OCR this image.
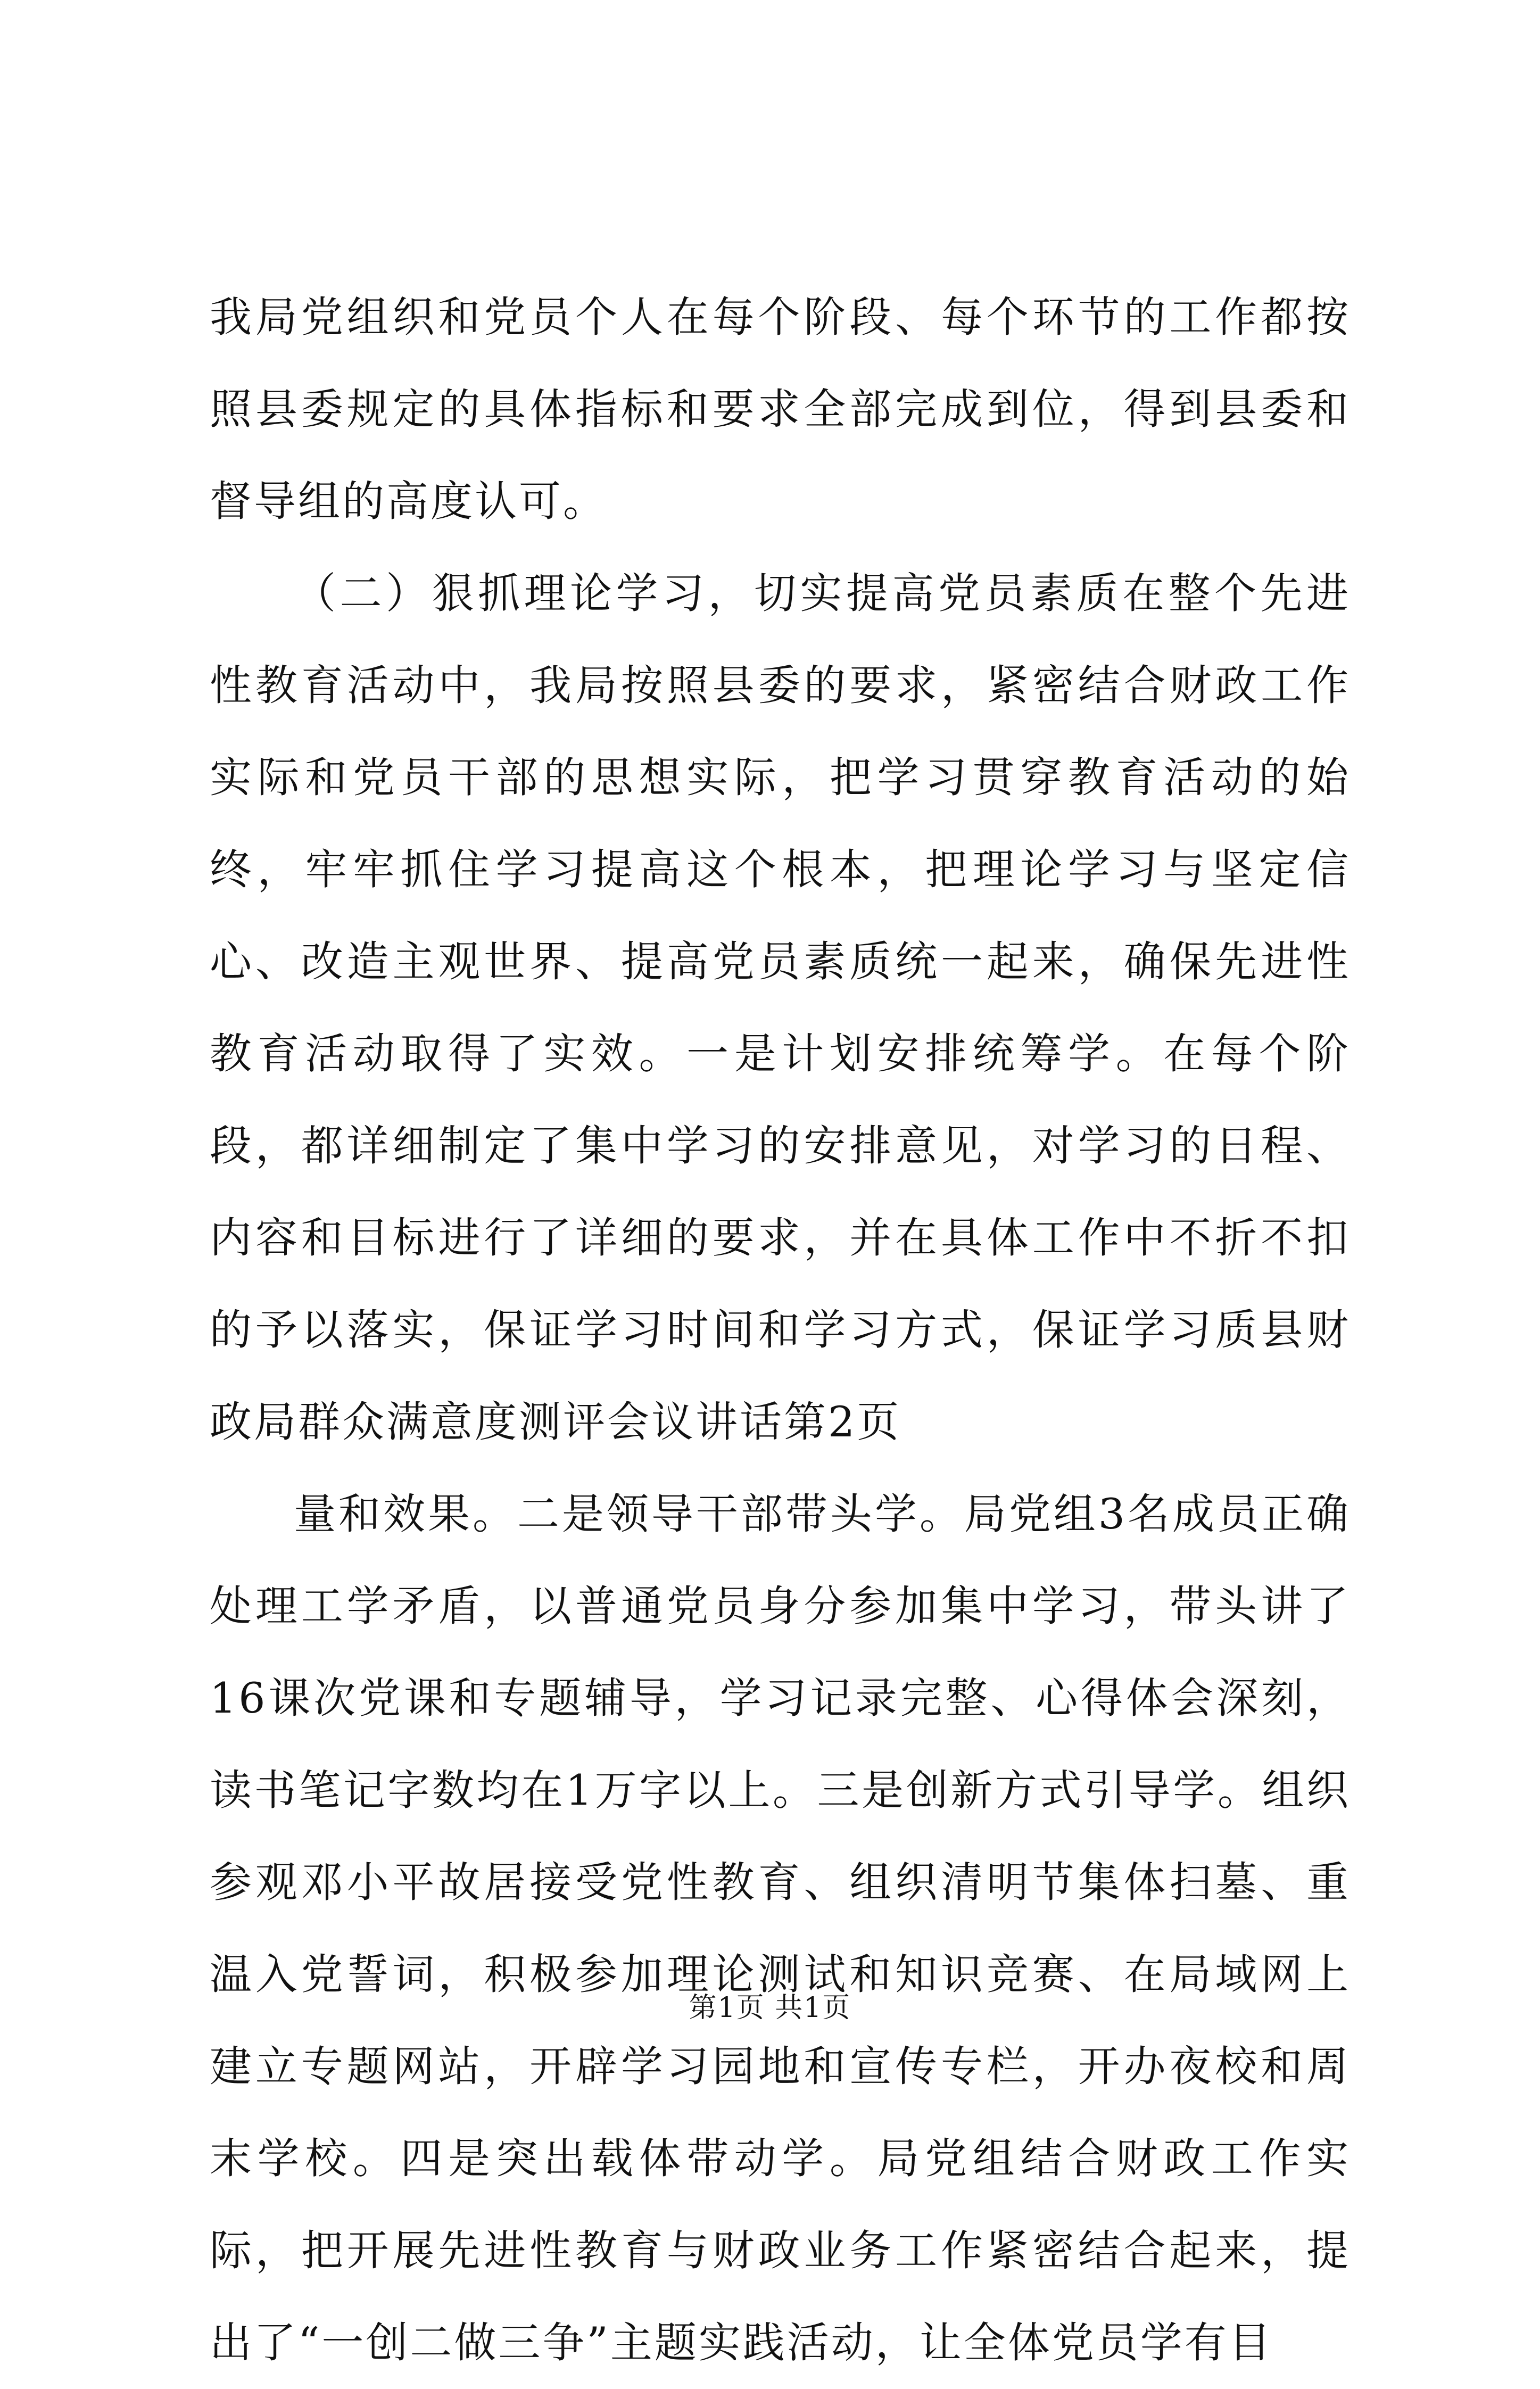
我局党组织和党员个人在每个阶段、每个环节的工作都按照县委规定的具体指标和要求全部完成到位，得到县委和督导组的高度认可。

（二）狠抓理论学习，切实提高党员素质在整个先进性教育活动中，我局按照县委的要求，紧密结合财政工作实际和党员干部的思想实际，把学习贯穿教育活动的始终，牢牢抓住学习提高这个根本，把理论学习与坚定信心、改造主观世界、提高党员素质统一起来，确保先进性教育活动取得了实效。一是计划安排统筹学。在每个阶段，都详细制定了集中学习的安排意见，对学习的日程、内容和目标进行了详细的要求，并在具体工作中不折不扣的予以落实，保证学习时间和学习方式，保证学习质县财政局群众满意度测评会议讲话第2页

量和效果。二是领导干部带头学。局党组3名成员正确处理工学矛盾，以普通党员身分参加集中学习，带头讲了16课次党课和专题辅导，学习记录完整、心得体会深刻，读书笔记字数均在1万字以上。三是创新方式引导学。组织参观邓小平故居接受党性教育、组织清明节集体扫墓、重温入党誓词，积极参加理论测试和知识竞赛、在局域网上建立专题网站，开辟学习园地和宣传专栏，开办夜校和周末学校。四是突出载体带动学。局党组结合财政工作实际，把开展先进性教育与财政业务工作紧密结合起来，提出了“一创二做三争”主题实践活动，让全体党员学有目

第1页 共1页
